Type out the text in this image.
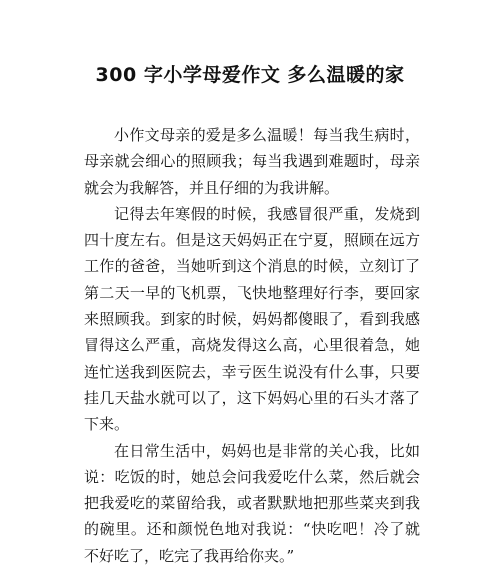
300 字小学母爱作文 多么温暖的家

小作文母亲的爱是多么温暖！每当我生病时，母亲就会细心的照顾我；每当我遇到难题时，母亲就会为我解答，并且仔细的为我讲解。

记得去年寒假的时候，我感冒很严重，发烧到四十度左右。但是这天妈妈正在宁夏，照顾在远方工作的爸爸，当她听到这个消息的时候，立刻订了第二天一早的飞机票，飞快地整理好行李，要回家来照顾我。到家的时候，妈妈都傻眼了，看到我感冒得这么严重，高烧发得这么高，心里很着急，她连忙送我到医院去，幸亏医生说没有什么事，只要挂几天盐水就可以了，这下妈妈心里的石头才落了下来。

在日常生活中，妈妈也是非常的关心我，比如说：吃饭的时，她总会问我爱吃什么菜，然后就会把我爱吃的菜留给我，或者默默地把那些菜夹到我的碗里。还和颜悦色地对我说：“快吃吧！冷了就不好吃了，吃完了我再给你夹。”
